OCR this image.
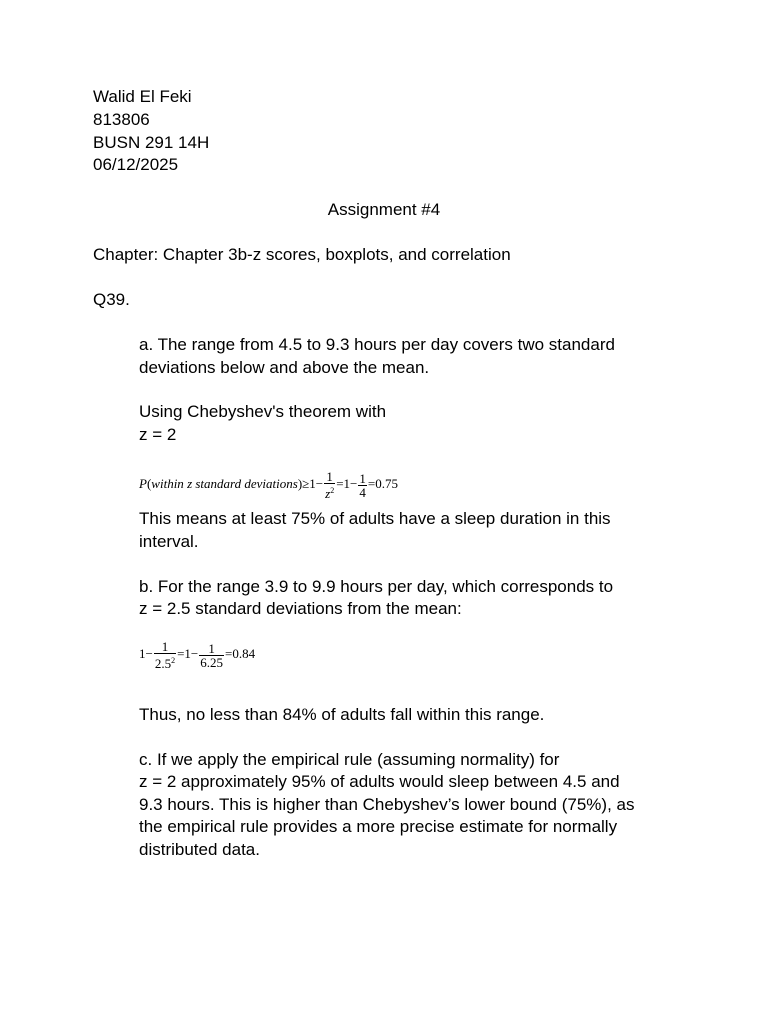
Walid El Feki
813806
BUSN 291 14H
06/12/2025
Assignment #4
Chapter: Chapter 3b-z scores, boxplots, and correlation
Q39.
a. The range from 4.5 to 9.3 hours per day covers two standard
deviations below and above the mean.
Using Chebyshev's theorem with
z = 2
P(within z standard deviations)≥1− $\frac{1}{z^2} =1- \frac{1}{4} =0.75$
This means at least 75% of adults have a sleep duration in this
interval.
b. For the range 3.9 to 9.9 hours per day, which corresponds to
z = 2.5 standard deviations from the mean:
$1- \frac{1}{2.5^2} =1- \frac{1}{6.25} =0.84$
Thus, no less than 84% of adults fall within this range.
c. If we apply the empirical rule (assuming normality) for
z = 2 approximately 95% of adults would sleep between 4.5 and
9.3 hours. This is higher than Chebyshev’s lower bound (75%), as
the empirical rule provides a more precise estimate for normally
distributed data.
